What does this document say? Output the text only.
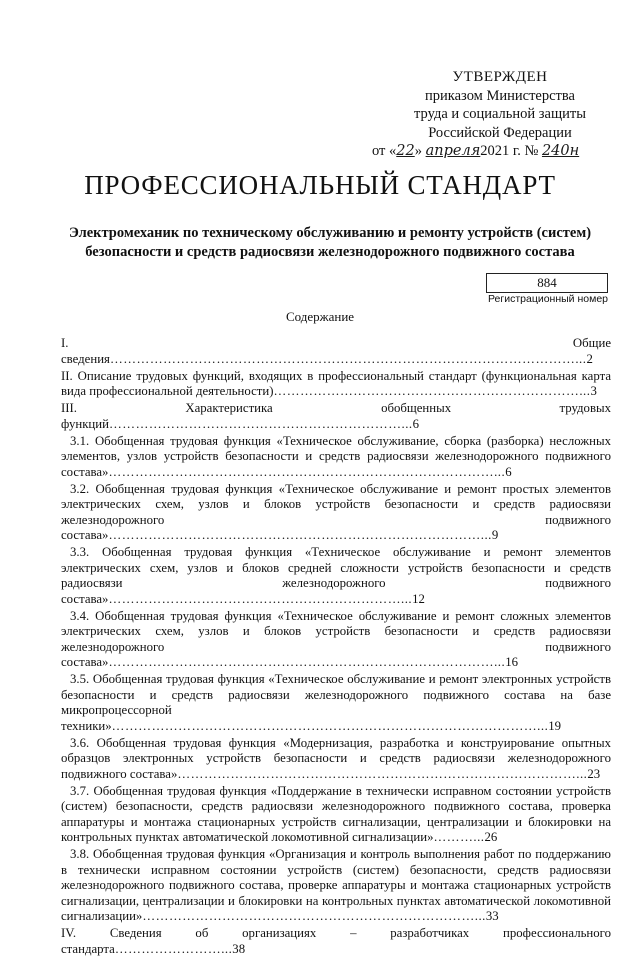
УТВЕРЖДЕН
приказом Министерства
труда и социальной защиты
Российской Федерации
от «22» апреля2021 г. № 240н
ПРОФЕССИОНАЛЬНЫЙ СТАНДАРТ
Электромеханик по техническому обслуживанию и ремонту устройств (систем) безопасности и средств радиосвязи железнодорожного подвижного состава
884
Регистрационный номер
Содержание
I. Общие сведения……………………………………………………………………………………………...2
II. Описание трудовых функций, входящих в профессиональный стандарт (функциональная карта вида профессиональной деятельности)……………………………………………………………...3
III. Характеристика обобщенных трудовых функций…………………………………………………………...6
3.1. Обобщенная трудовая функция «Техническое обслуживание, сборка (разборка) несложных элементов, узлов устройств безопасности и средств радиосвязи железнодорожного подвижного состава»……………………………………………………………………………...6
3.2. Обобщенная трудовая функция «Техническое обслуживание и ремонт простых элементов электрических схем, узлов и блоков устройств безопасности и средств радиосвязи железнодорожного подвижного состава»…………………………………………………………………………...9
3.3. Обобщенная трудовая функция «Техническое обслуживание и ремонт элементов электрических схем, узлов и блоков средней сложности устройств безопасности и средств радиосвязи железнодорожного подвижного состава»…………………………………………………………...12
3.4. Обобщенная трудовая функция «Техническое обслуживание и ремонт сложных элементов электрических схем, узлов и блоков устройств безопасности и средств радиосвязи железнодорожного подвижного состава»……………………………………………………………………………...16
3.5. Обобщенная трудовая функция «Техническое обслуживание и ремонт электронных устройств безопасности и средств радиосвязи железнодорожного подвижного состава на базе микропроцессорной техники»……………………………………………………………………………………...19
3.6. Обобщенная трудовая функция «Модернизация, разработка и конструирование опытных образцов электронных устройств безопасности и средств радиосвязи железнодорожного подвижного состава»………………………………………………………………………………...23
3.7. Обобщенная трудовая функция «Поддержание в технически исправном состоянии устройств (систем) безопасности, средств радиосвязи железнодорожного подвижного состава, проверка аппаратуры и монтажа стационарных устройств сигнализации, централизации и блокировки на контрольных пунктах автоматической локомотивной сигнализации»………...26
3.8. Обобщенная трудовая функция «Организация и контроль выполнения работ по поддержанию в технически исправном состоянии устройств (систем) безопасности, средств радиосвязи железнодорожного подвижного состава, проверке аппаратуры и монтажа стационарных устройств сигнализации, централизации и блокировки на контрольных пунктах автоматической локомотивной сигнализации»…………………………………………………………………...33
IV. Сведения об организациях – разработчиках профессионального стандарта……………………...38
